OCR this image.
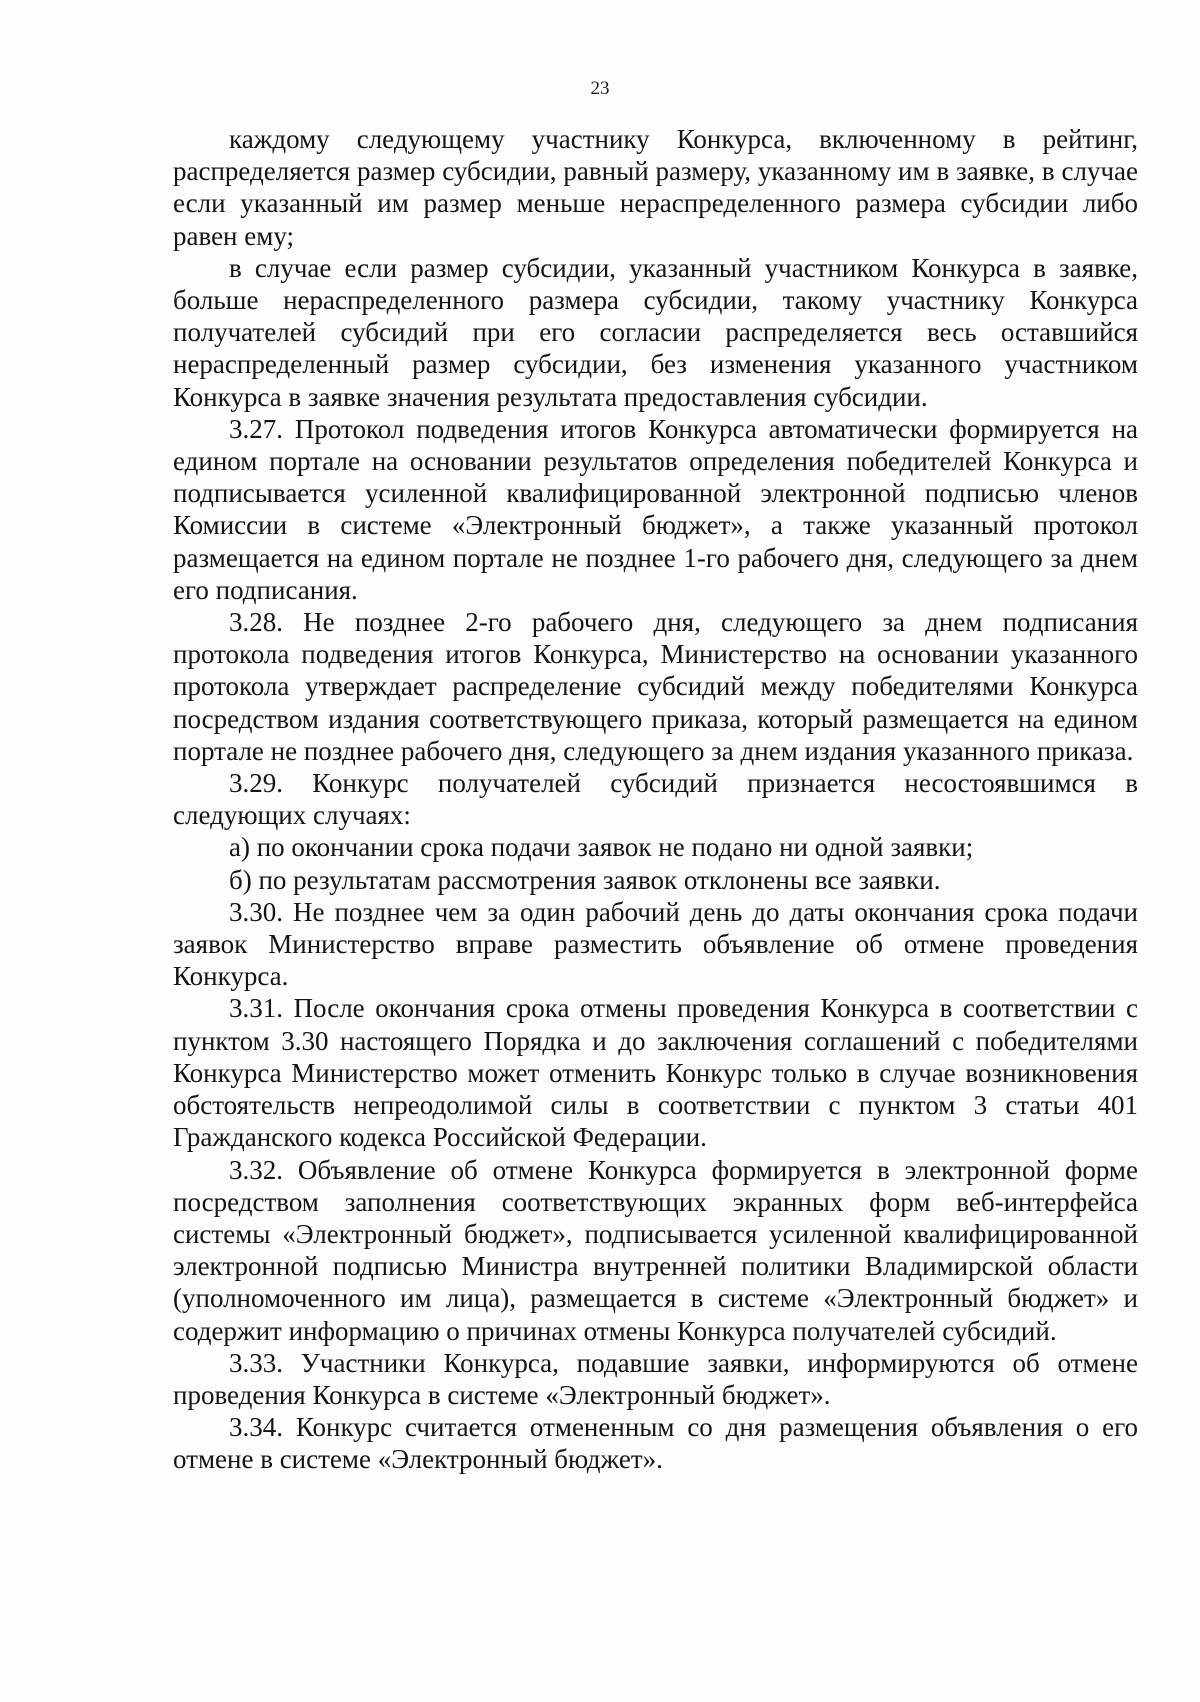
23

каждому следующему участнику Конкурса, включенному в рейтинг, распределяется размер субсидии, равный размеру, указанному им в заявке, в случае если указанный им размер меньше нераспределенного размера субсидии либо равен ему;

в случае если размер субсидии, указанный участником Конкурса в заявке, больше нераспределенного размера субсидии, такому участнику Конкурса получателей субсидий при его согласии распределяется весь оставшийся нераспределенный размер субсидии, без изменения указанного участником Конкурса в заявке значения результата предоставления субсидии.

3.27. Протокол подведения итогов Конкурса автоматически формируется на едином портале на основании результатов определения победителей Конкурса и подписывается усиленной квалифицированной электронной подписью членов Комиссии в системе «Электронный бюджет», а также указанный протокол размещается на едином портале не позднее 1-го рабочего дня, следующего за днем его подписания.

3.28. Не позднее 2-го рабочего дня, следующего за днем подписания протокола подведения итогов Конкурса, Министерство на основании указанного протокола утверждает распределение субсидий между победителями Конкурса посредством издания соответствующего приказа, который размещается на едином портале не позднее рабочего дня, следующего за днем издания указанного приказа.

3.29. Конкурс получателей субсидий признается несостоявшимся в следующих случаях:

а) по окончании срока подачи заявок не подано ни одной заявки;

б) по результатам рассмотрения заявок отклонены все заявки.

3.30. Не позднее чем за один рабочий день до даты окончания срока подачи заявок Министерство вправе разместить объявление об отмене проведения Конкурса.

3.31. После окончания срока отмены проведения Конкурса в соответствии с пунктом 3.30 настоящего Порядка и до заключения соглашений с победителями Конкурса Министерство может отменить Конкурс только в случае возникновения обстоятельств непреодолимой силы в соответствии с пунктом 3 статьи 401 Гражданского кодекса Российской Федерации.

3.32. Объявление об отмене Конкурса формируется в электронной форме посредством заполнения соответствующих экранных форм веб-интерфейса системы «Электронный бюджет», подписывается усиленной квалифицированной электронной подписью Министра внутренней политики Владимирской области (уполномоченного им лица), размещается в системе «Электронный бюджет» и содержит информацию о причинах отмены Конкурса получателей субсидий.

3.33. Участники Конкурса, подавшие заявки, информируются об отмене проведения Конкурса в системе «Электронный бюджет».

3.34. Конкурс считается отмененным со дня размещения объявления о его отмене в системе «Электронный бюджет».
